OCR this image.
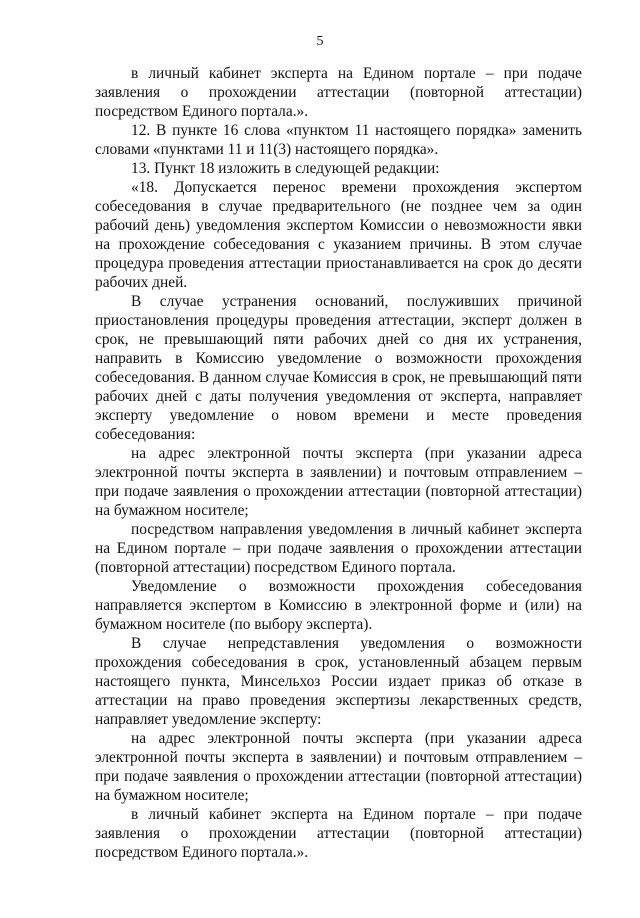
5

в личный кабинет эксперта на Едином портале – при подаче заявления о прохождении аттестации (повторной аттестации) посредством Единого портала.».

12. В пункте 16 слова «пунктом 11 настоящего порядка» заменить словами «пунктами 11 и 11(3) настоящего порядка».

13. Пункт 18 изложить в следующей редакции:

«18. Допускается перенос времени прохождения экспертом собеседования в случае предварительного (не позднее чем за один рабочий день) уведомления экспертом Комиссии о невозможности явки на прохождение собеседования с указанием причины. В этом случае процедура проведения аттестации приостанавливается на срок до десяти рабочих дней.

В случае устранения оснований, послуживших причиной приостановления процедуры проведения аттестации, эксперт должен в срок, не превышающий пяти рабочих дней со дня их устранения, направить в Комиссию уведомление о возможности прохождения собеседования. В данном случае Комиссия в срок, не превышающий пяти рабочих дней с даты получения уведомления от эксперта, направляет эксперту уведомление о новом времени и месте проведения собеседования:

на адрес электронной почты эксперта (при указании адреса электронной почты эксперта в заявлении) и почтовым отправлением – при подаче заявления о прохождении аттестации (повторной аттестации) на бумажном носителе;

посредством направления уведомления в личный кабинет эксперта на Едином портале – при подаче заявления о прохождении аттестации (повторной аттестации) посредством Единого портала.

Уведомление о возможности прохождения собеседования направляется экспертом в Комиссию в электронной форме и (или) на бумажном носителе (по выбору эксперта).

В случае непредставления уведомления о возможности прохождения собеседования в срок, установленный абзацем первым настоящего пункта, Минсельхоз России издает приказ об отказе в аттестации на право проведения экспертизы лекарственных средств, направляет уведомление эксперту:

на адрес электронной почты эксперта (при указании адреса электронной почты эксперта в заявлении) и почтовым отправлением – при подаче заявления о прохождении аттестации (повторной аттестации) на бумажном носителе;

в личный кабинет эксперта на Едином портале – при подаче заявления о прохождении аттестации (повторной аттестации) посредством Единого портала.».
